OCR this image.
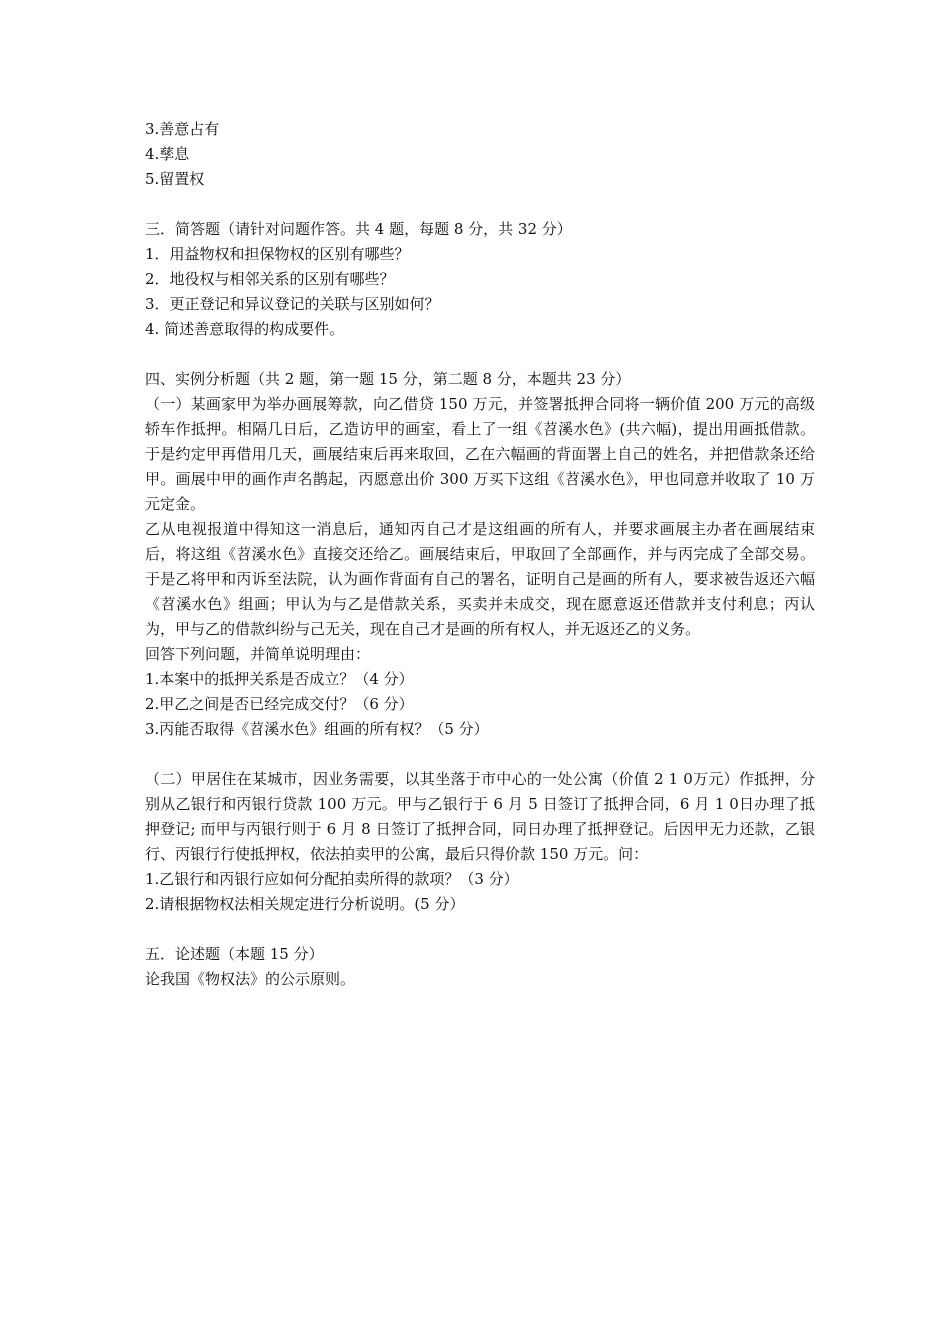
3.善意占有
4.孳息
5.留置权
三．简答题（请针对问题作答。共 4 题，每题 8 分，共 32 分）
1．用益物权和担保物权的区别有哪些？
2．地役权与相邻关系的区别有哪些？
3．更正登记和异议登记的关联与区别如何？
4. 简述善意取得的构成要件。
四、实例分析题（共 2 题，第一题 15 分，第二题 8 分，本题共 23 分）
（一）某画家甲为举办画展筹款，向乙借贷 150 万元，并签署抵押合同将一辆价值 200 万元的高级轿车作抵押。相隔几日后，乙造访甲的画室，看上了一组《苕溪水色》(共六幅)，提出用画抵借款。于是约定甲再借用几天，画展结束后再来取回，乙在六幅画的背面署上自己的姓名，并把借款条还给甲。画展中甲的画作声名鹊起，丙愿意出价 300 万买下这组《苕溪水色》，甲也同意并收取了 10 万元定金。
乙从电视报道中得知这一消息后，通知丙自己才是这组画的所有人，并要求画展主办者在画展结束后，将这组《苕溪水色》直接交还给乙。画展结束后，甲取回了全部画作，并与丙完成了全部交易。于是乙将甲和丙诉至法院，认为画作背面有自己的署名，证明自己是画的所有人，要求被告返还六幅《苕溪水色》组画；甲认为与乙是借款关系，买卖并未成交，现在愿意返还借款并支付利息；丙认为，甲与乙的借款纠纷与己无关，现在自己才是画的所有权人，并无返还乙的义务。
回答下列问题，并简单说明理由：
1.本案中的抵押关系是否成立？（4 分）
2.甲乙之间是否已经完成交付？（6 分）
3.丙能否取得《苕溪水色》组画的所有权？（5 分）
（二）甲居住在某城市，因业务需要，以其坐落于市中心的一处公寓（价值 2 1 0万元）作抵押，分别从乙银行和丙银行贷款 100 万元。甲与乙银行于 6 月 5 日签订了抵押合同，6 月 1 0日办理了抵押登记; 而甲与丙银行则于 6 月 8 日签订了抵押合同，同日办理了抵押登记。后因甲无力还款，乙银行、丙银行行使抵押权，依法拍卖甲的公寓，最后只得价款 150 万元。问：
1.乙银行和丙银行应如何分配拍卖所得的款项？（3 分）
2.请根据物权法相关规定进行分析说明。(5 分）
五．论述题（本题 15 分）
论我国《物权法》的公示原则。
